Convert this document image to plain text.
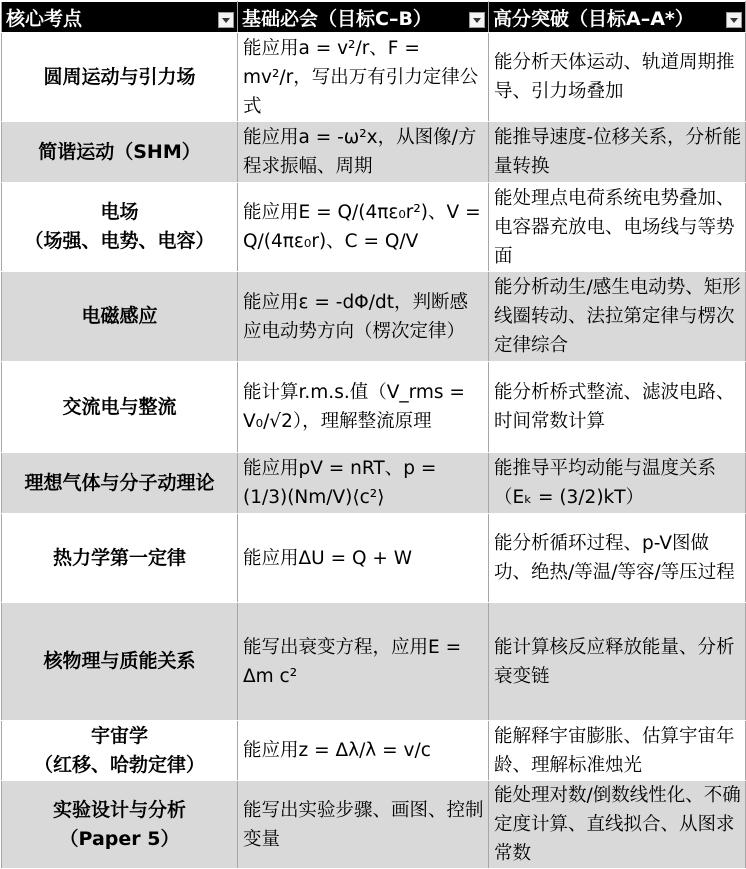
核心考点	基础必会（目标C–B）	高分突破（目标A–A*）

圆周运动与引力场	能应用a = v²/r、F = mv²/r，写出万有引力定律公式	能分析天体运动、轨道周期推导、引力场叠加

简谐运动（SHM）	能应用a = -ω²x，从图像/方程求振幅、周期	能推导速度-位移关系，分析能量转换

电场
（场强、电势、电容）	能应用E = Q/(4πε₀r²)、V = Q/(4πε₀r)、C = Q/V	能处理点电荷系统电势叠加、电容器充放电、电场线与等势面

电磁感应	能应用ε = -dΦ/dt，判断感应电动势方向（楞次定律）	能分析动生/感生电动势、矩形线圈转动、法拉第定律与楞次定律综合

交流电与整流	能计算r.m.s.值（V_rms = V₀/√2），理解整流原理	能分析桥式整流、滤波电路、时间常数计算

理想气体与分子动理论	能应用pV = nRT、p = (1/3)(Nm/V)⟨c²⟩	能推导平均动能与温度关系（Eₖ = (3/2)kT）

热力学第一定律	能应用ΔU = Q + W	能分析循环过程、p-V图做功、绝热/等温/等容/等压过程

核物理与质能关系	能写出衰变方程，应用E = Δm c²	能计算核反应释放能量、分析衰变链

宇宙学
（红移、哈勃定律）	能应用z = Δλ/λ = v/c	能解释宇宙膨胀、估算宇宙年龄、理解标准烛光

实验设计与分析
（Paper 5）	能写出实验步骤、画图、控制变量	能处理对数/倒数线性化、不确定度计算、直线拟合、从图求常数
